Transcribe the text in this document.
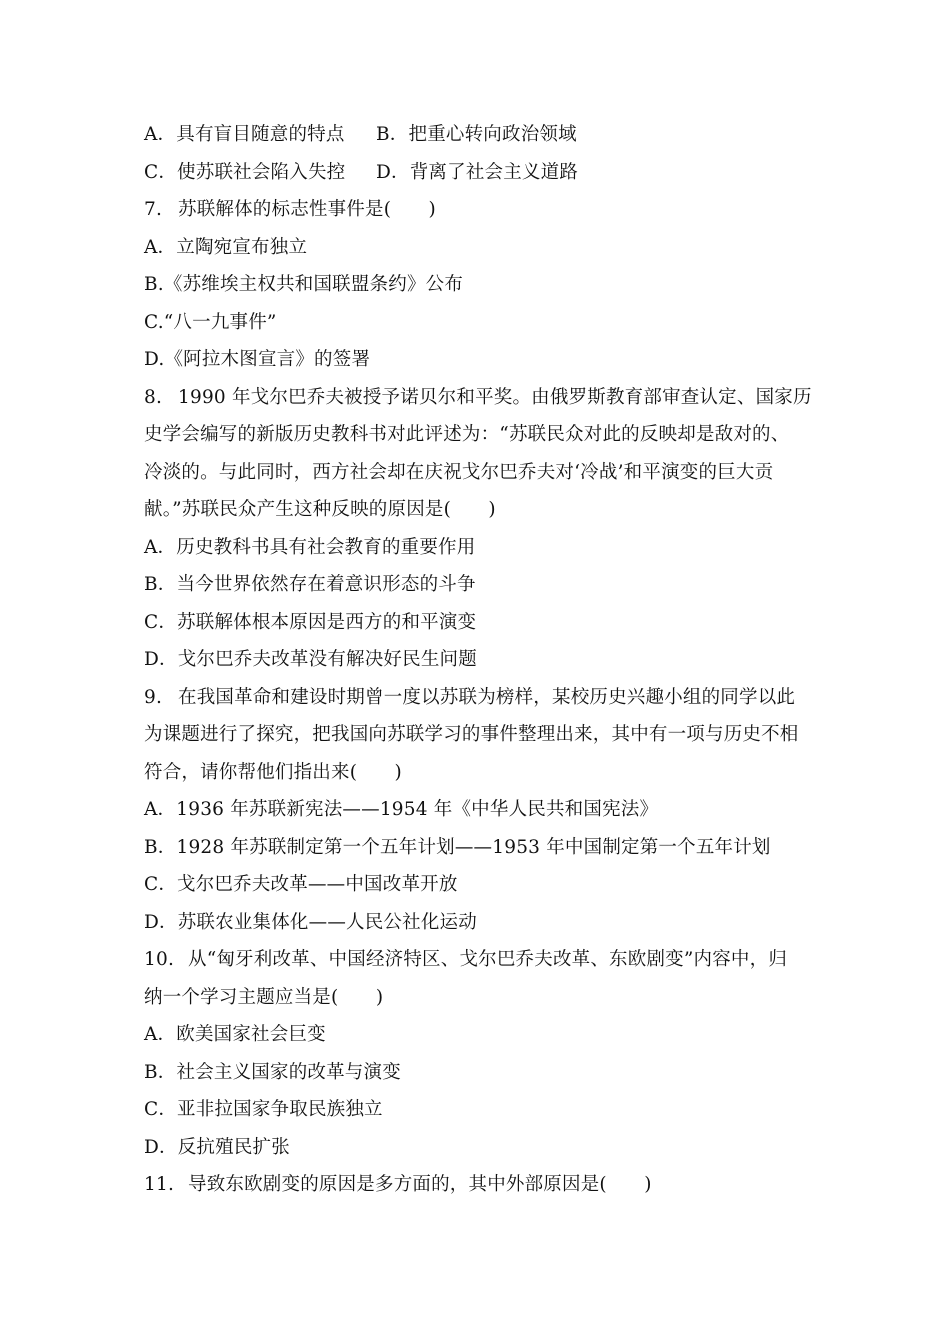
A．具有盲目随意的特点 B．把重心转向政治领域
C．使苏联社会陷入失控 D．背离了社会主义道路
7. 苏联解体的标志性事件是(　　)
A．立陶宛宣布独立
B.《苏维埃主权共和国联盟条约》公布
C.“八一九事件”
D.《阿拉木图宣言》的签署
8. 1990 年戈尔巴乔夫被授予诺贝尔和平奖。由俄罗斯教育部审查认定、国家历
史学会编写的新版历史教科书对此评述为：“苏联民众对此的反映却是敌对的、
冷淡的。与此同时，西方社会却在庆祝戈尔巴乔夫对‘冷战’和平演变的巨大贡
献。”苏联民众产生这种反映的原因是(　　)
A．历史教科书具有社会教育的重要作用
B．当今世界依然存在着意识形态的斗争
C．苏联解体根本原因是西方的和平演变
D．戈尔巴乔夫改革没有解决好民生问题
9. 在我国革命和建设时期曾一度以苏联为榜样，某校历史兴趣小组的同学以此
为课题进行了探究，把我国向苏联学习的事件整理出来，其中有一项与历史不相
符合，请你帮他们指出来(　　)
A．1936 年苏联新宪法——1954 年《中华人民共和国宪法》
B．1928 年苏联制定第一个五年计划——1953 年中国制定第一个五年计划
C．戈尔巴乔夫改革——中国改革开放
D．苏联农业集体化——人民公社化运动
10. 从“匈牙利改革、中国经济特区、戈尔巴乔夫改革、东欧剧变”内容中，归
纳一个学习主题应当是(　　)
A．欧美国家社会巨变
B．社会主义国家的改革与演变
C．亚非拉国家争取民族独立
D．反抗殖民扩张
11. 导致东欧剧变的原因是多方面的，其中外部原因是(　　)
